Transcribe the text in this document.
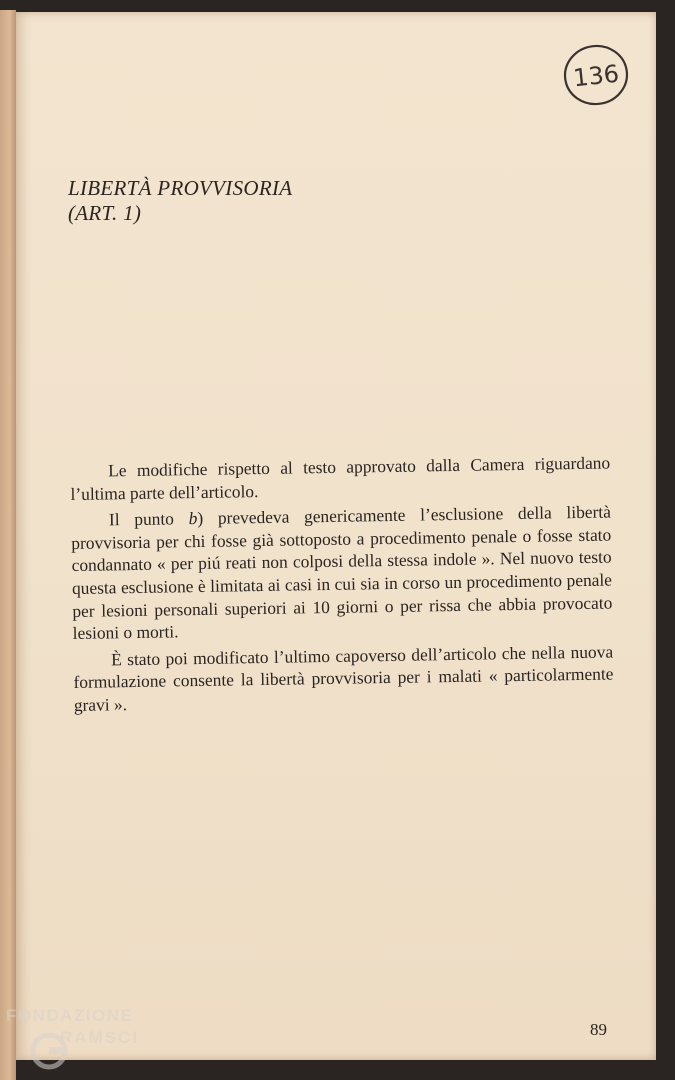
136
LIBERTÀ PROVVISORIA
(ART. 1)

Le modifiche rispetto al testo approvato dalla Camera riguardano l’ultima parte dell’articolo.

Il punto b) prevedeva genericamente l’esclusione della libertà provvisoria per chi fosse già sottoposto a procedimento penale o fosse stato condannato « per piú reati non colposi della stessa indole ». Nel nuovo testo questa esclusione è limitata ai casi in cui sia in corso un procedimento penale per lesioni personali superiori ai 10 giorni o per rissa che abbia provocato lesioni o morti.

È stato poi modificato l’ultimo capoverso dell’articolo che nella nuova formulazione consente la libertà provvisoria per i malati « particolarmente gravi ».

89
FONDAZIONE
RAMSCI
